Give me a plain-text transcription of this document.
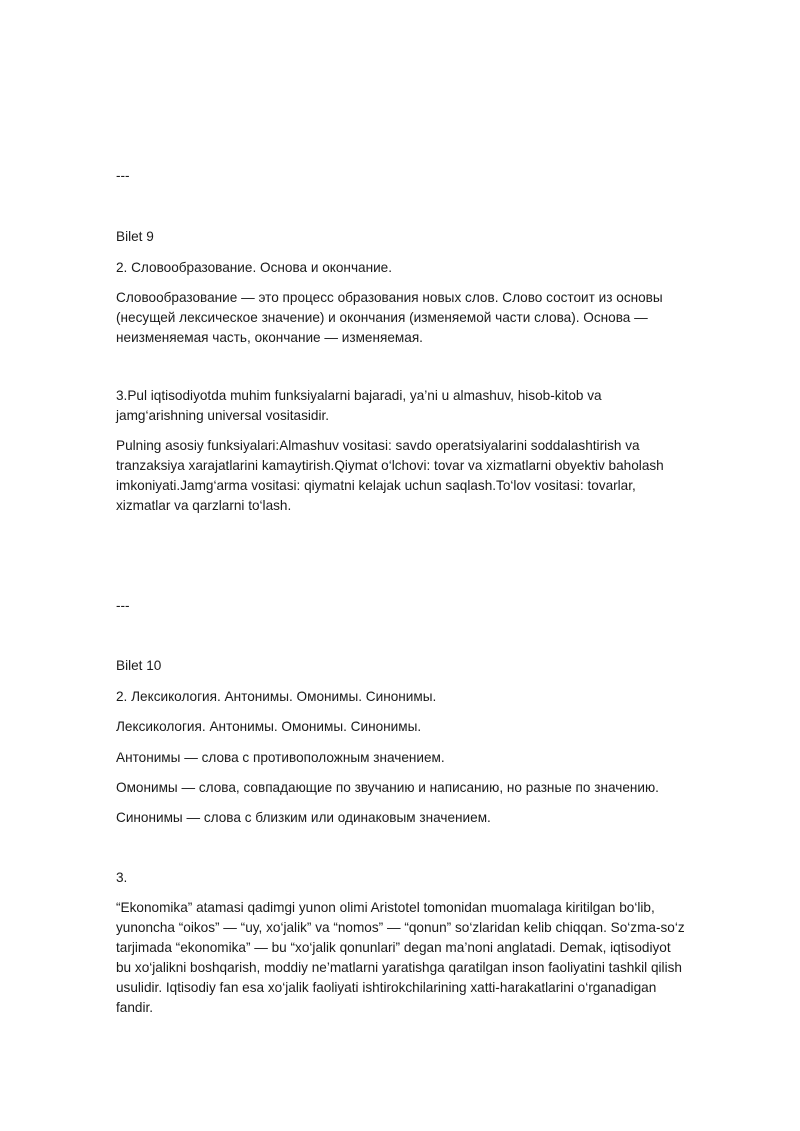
---

Bilet 9

2. Словообразование. Основа и окончание.

Словообразование — это процесс образования новых слов. Слово состоит из основы (несущей лексическое значение) и окончания (изменяемой части слова). Основа — неизменяемая часть, окончание — изменяемая.

3.Pul iqtisodiyotda muhim funksiyalarni bajaradi, ya’ni u almashuv, hisob-kitob va jamg‘arishning universal vositasidir.

Pulning asosiy funksiyalari:Almashuv vositasi: savdo operatsiyalarini soddalashtirish va tranzaksiya xarajatlarini kamaytirish.Qiymat o‘lchovi: tovar va xizmatlarni obyektiv baholash imkoniyati.Jamg‘arma vositasi: qiymatni kelajak uchun saqlash.To‘lov vositasi: tovarlar, xizmatlar va qarzlarni to‘lash.

---

Bilet 10

2. Лексикология. Антонимы. Омонимы. Синонимы.

Лексикология. Антонимы. Омонимы. Синонимы.

Антонимы — слова с противоположным значением.

Омонимы — слова, совпадающие по звучанию и написанию, но разные по значению.

Синонимы — слова с близким или одинаковым значением.

3.

“Ekonomika” atamasi qadimgi yunon olimi Aristotel tomonidan muomalaga kiritilgan bo‘lib, yunoncha “oikos” — “uy, xo‘jalik” va “nomos” — “qonun” so‘zlaridan kelib chiqqan. So‘zma-so‘z tarjimada “ekonomika” — bu “xo‘jalik qonunlari” degan ma’noni anglatadi. Demak, iqtisodiyot bu xo‘jalikni boshqarish, moddiy ne’matlarni yaratishga qaratilgan inson faoliyatini tashkil qilish usulidir. Iqtisodiy fan esa xo‘jalik faoliyati ishtirokchilarining xatti-harakatlarini o‘rganadigan fandir.
